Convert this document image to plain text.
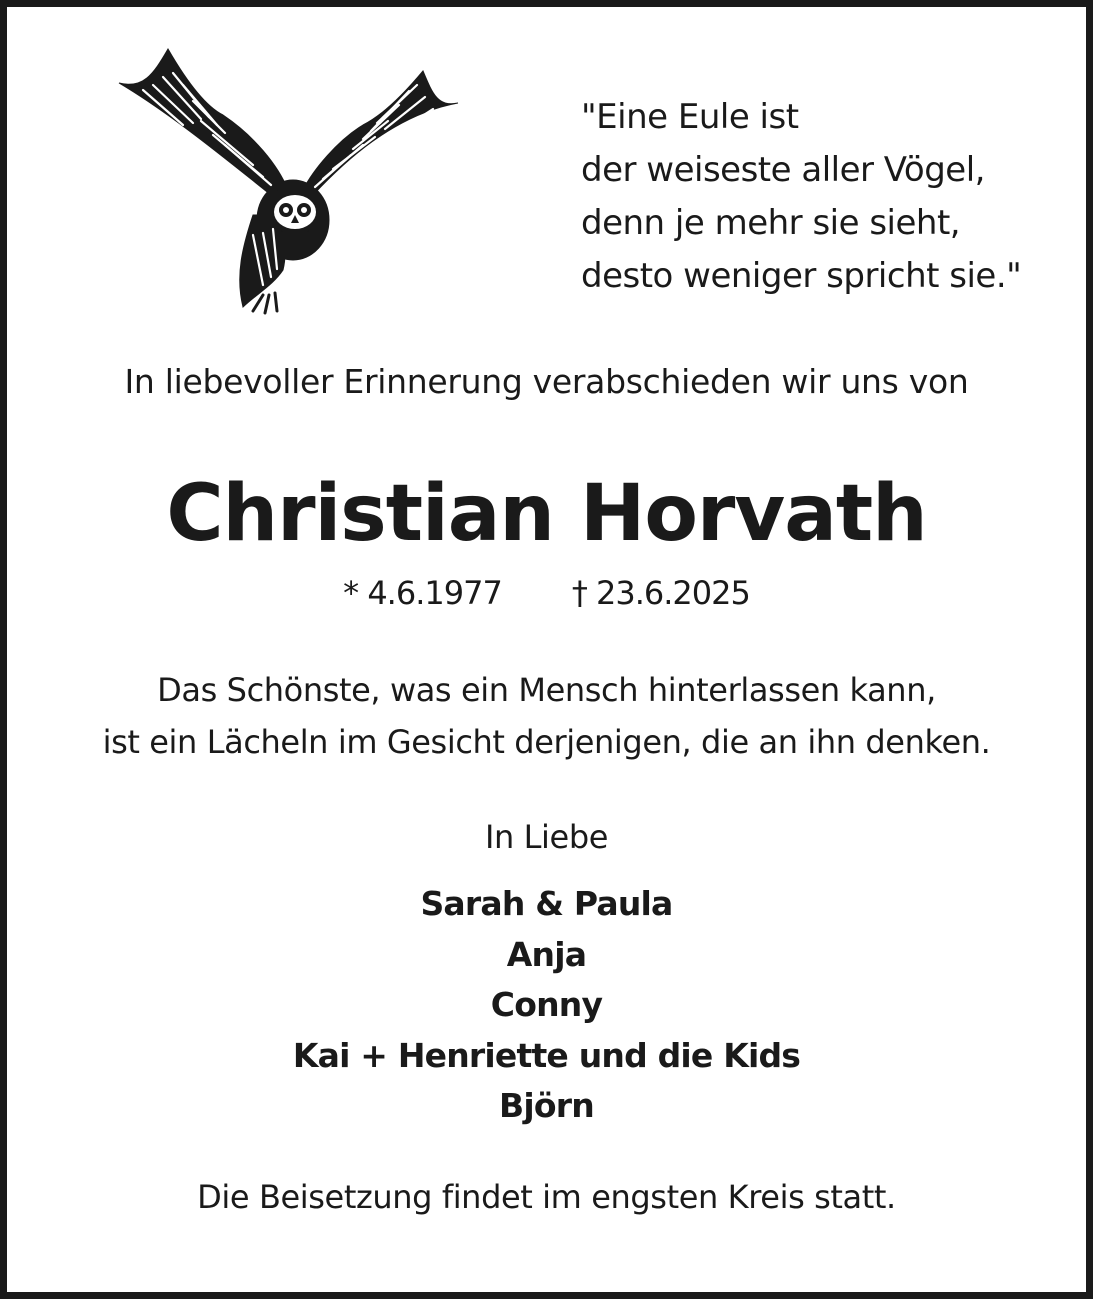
"Eine Eule ist
der weiseste aller Vögel,
denn je mehr sie sieht,
desto weniger spricht sie."
In liebevoller Erinnerung verabschieden wir uns von
Christian Horvath
* 4.6.1977 † 23.6.2025
Das Schönste, was ein Mensch hinterlassen kann,
ist ein Lächeln im Gesicht derjenigen, die an ihn denken.
In Liebe
Sarah & Paula
Anja
Conny
Kai + Henriette und die Kids
Björn
Die Beisetzung findet im engsten Kreis statt.
